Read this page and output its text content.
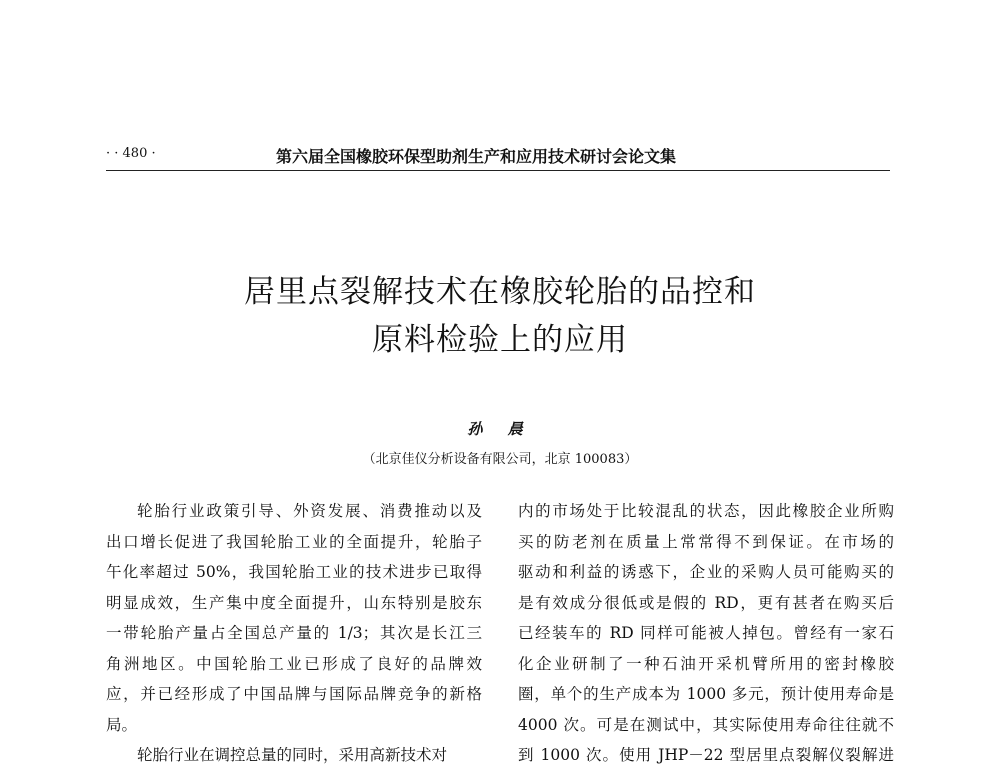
· · 480 ·	第六届全国橡胶环保型助剂生产和应用技术研讨会论文集
居里点裂解技术在橡胶轮胎的品控和
原料检验上的应用
孙 晨
（北京佳仪分析设备有限公司，北京 100083）
轮胎行业政策引导、外资发展、消费推动以及
出口增长促进了我国轮胎工业的全面提升，轮胎子
午化率超过 50%，我国轮胎工业的技术进步已取得
明显成效，生产集中度全面提升，山东特别是胶东
一带轮胎产量占全国总产量的 1/3；其次是长江三
角洲地区。中国轮胎工业已形成了良好的品牌效
应，并已经形成了中国品牌与国际品牌竞争的新格
局。
轮胎行业在调控总量的同时，采用高新技术对
内的市场处于比较混乱的状态，因此橡胶企业所购
买的防老剂在质量上常常得不到保证。在市场的
驱动和利益的诱惑下，企业的采购人员可能购买的
是有效成分很低或是假的 RD，更有甚者在购买后
已经装车的 RD 同样可能被人掉包。曾经有一家石
化企业研制了一种石油开采机臂所用的密封橡胶
圈，单个的生产成本为 1000 多元，预计使用寿命是
4000 次。可是在测试中，其实际使用寿命往往就不
到 1000 次。使用 JHP－22 型居里点裂解仪裂解进
